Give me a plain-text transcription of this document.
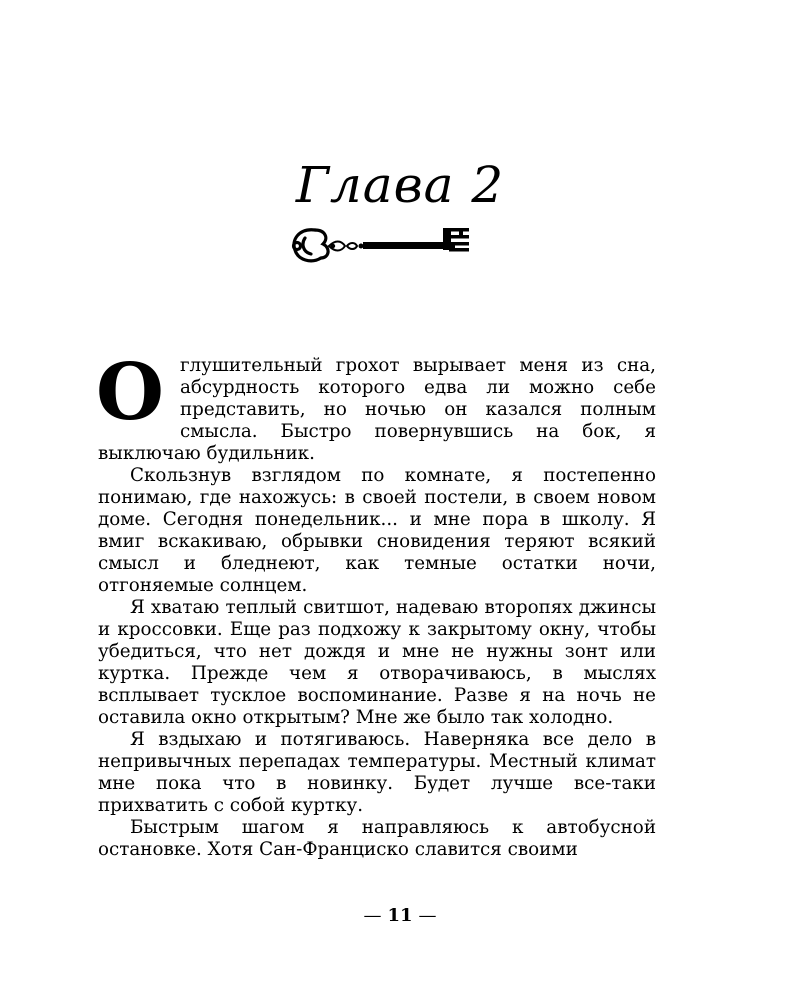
Глава 2

Оглушительный грохот вырывает меня из сна, абсурдность которого едва ли можно себе представить, но ночью он казался полным смысла. Быстро повернувшись на бок, я выключаю будильник.

Скользнув взглядом по комнате, я постепенно понимаю, где нахожусь: в своей постели, в своем новом доме. Сегодня понедельник... и мне пора в школу. Я вмиг вскакиваю, обрывки сновидения теряют всякий смысл и бледнеют, как темные остатки ночи, отгоняемые солнцем.

Я хватаю теплый свитшот, надеваю второпях джинсы и кроссовки. Еще раз подхожу к закрытому окну, чтобы убедиться, что нет дождя и мне не нужны зонт или куртка. Прежде чем я отворачиваюсь, в мыслях всплывает тусклое воспоминание. Разве я на ночь не оставила окно открытым? Мне же было так холодно.

Я вздыхаю и потягиваюсь. Наверняка все дело в непривычных перепадах температуры. Местный климат мне пока что в новинку. Будет лучше все-таки прихватить с собой куртку.

Быстрым шагом я направляюсь к автобусной остановке. Хотя Сан-Франциско славится своими

— 11 —
